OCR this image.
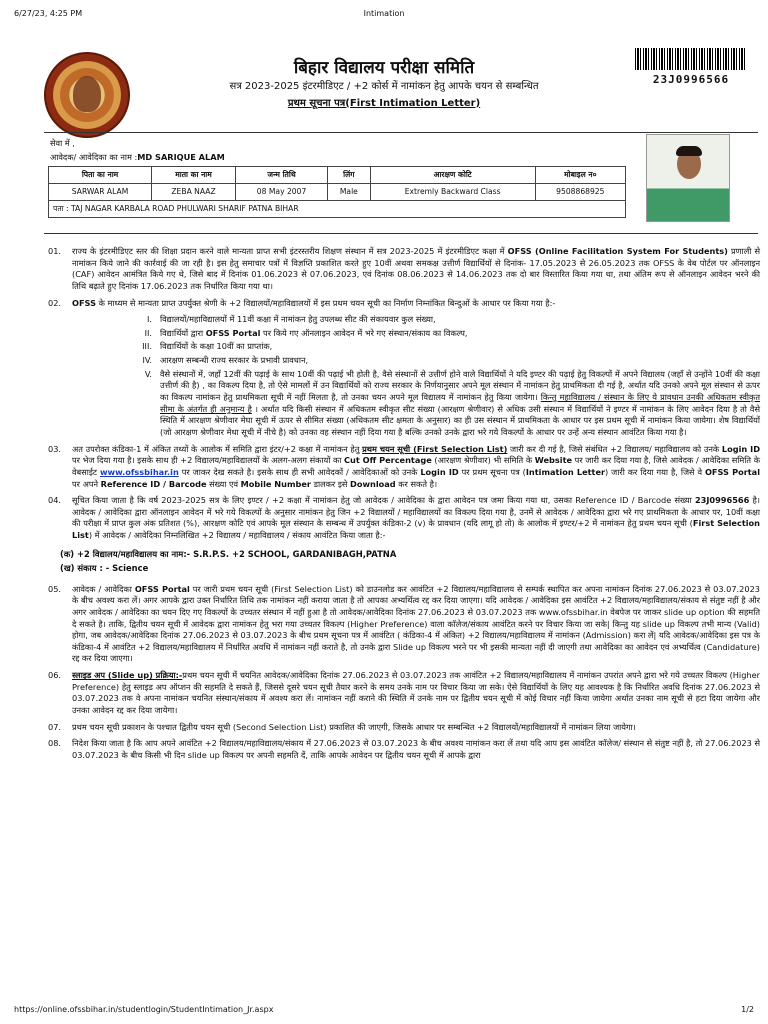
6/27/23, 4:25 PM	Intimation
बिहार विद्यालय परीक्षा समिति
सत्र 2023-2025 इंटरमीडिएट / +2 कोर्स में नामांकन हेतु आपके चयन से सम्बन्धित
प्रथम सूचना पत्र(First Intimation Letter)
23J0996566
सेवा में ,
आवेदक/ आवेदिका का नाम :MD SARIQUE ALAM
पिता का नाम	माता का नाम	जन्म तिथि	लिंग	आरक्षण कोटि	मोबाइल न०
SARWAR ALAM	ZEBA NAAZ	08 May 2007	Male	Extremly Backward Class	9508868925
पता : TAJ NAGAR KARBALA ROAD PHULWARI SHARIF PATNA BIHAR					
01. राज्य के इंटरमीडिएट स्तर की शिक्षा प्रदान करने वाले मान्यता प्राप्त सभी इंटरस्तरीय शिक्षण संस्थान में सत्र 2023-2025 में इंटरमीडिएट कक्षा में OFSS (Online Facilitation System For Students) प्रणाली से नामांकन किये जाने की कार्रवाई की जा रही है। इस हेतु समाचार पत्रों में विज्ञप्ति प्रकाशित करते हुए 10वीं अथवा समकक्ष उत्तीर्ण विद्यार्थियों से दिनांक- 17.05.2023 से 26.05.2023 तक OFSS के वेब पोर्टल पर ऑनलाइन (CAF) आवेदन आमंत्रित किये गए थे, जिसे बाद में दिनांक 01.06.2023 से 07.06.2023, एवं दिनांक 08.06.2023 से 14.06.2023 तक दो बार विस्तारित किया गया था, तथा अंतिम रूप से ऑनलाइन आवेदन भरने की तिथि बढ़ाते हुए दिनांक 17.06.2023 तक निर्धारित किया गया था।
02. OFSS के माध्यम से मान्यता प्राप्त उपर्युक्त श्रेणी के +2 विद्यालयों/महाविद्यालयों में इस प्रथम चयन सूची का निर्माण निम्नांकित बिन्दुओं के आधार पर किया गया है:-
I. विद्यालयों/महाविद्यालयों में 11वीं कक्षा में नामांकन हेतु उपलब्ध सीट की संकायवार कुल संख्या,
II. विद्यार्थियों द्वारा OFSS Portal पर किये गए ऑनलाइन आवेदन में भरे गए संस्थान/संकाय का विकल्प,
III. विद्यार्थियों के कक्षा 10वीं का प्राप्तांक,
IV. आरक्षण सम्बन्धी राज्य सरकार के प्रभावी प्रावधान,
V. वैसे संस्थानों में, जहाँ 12वीं की पढ़ाई के साथ 10वीं की पढ़ाई भी होती है, वैसे संस्थानों से उत्तीर्ण होने वाले विद्यार्थियों ने यदि इण्टर की पढ़ाई हेतु विकल्पों में अपने विद्यालय (जहाँ से उन्होंने 10वीं की कक्षा उत्तीर्ण की है) , का विकल्प दिया है, तो ऐसे मामलों में उन विद्यार्थियों को राज्य सरकार के निर्णयानुसार अपने मूल संस्थान में नामांकन हेतु प्राथमिकता दी गई है, अर्थात यदि उनको अपने मूल संस्थान से ऊपर का विकल्प नामांकन हेतु प्राथमिकता सूची में नहीं मिलता है, तो उनका चयन अपने मूल विद्यालय में नामांकन हेतु किया जायेगा। किन्तु महाविद्यालय / संस्थान के लिए ये प्रावधान उनकी अधिकतम स्वीकृत सीमा के अंतर्गत ही अनुमान्य है । अर्थात यदि किसी संस्थान में अधिकतम स्वीकृत सीट संख्या (आरक्षण श्रेणीवार) से अधिक उसी संस्थान में विद्यार्थियों ने इण्टर में नामांकन के लिए आवेदन दिया है तो वैसे स्थिति में आरक्षण श्रेणीवार मेघा सूची में ऊपर से सीमित संख्या (अधिकतम सीट क्षमता के अनुसार) का ही उस संस्थान में प्राथमिकता के आधार पर इस प्रथम सूची में नामांकन किया जायेगा। शेष विद्यार्थियों (जो आरक्षण श्रेणीवार मेधा सूची में नीचे है) को उनका वह संस्थान नहीं दिया गया है बल्कि उनको उनके द्वारा भरे गये विकल्पों के आधार पर उन्हें अन्य संस्थान आवंटित किया गया है।
03. अत उपरोक्त कंडिका-1 में अंकित तथ्यों के आलोक में समिति द्वारा इंटर/+2 कक्षा में नामांकन हेतु प्रथम चयन सूची (First Selection List) जारी कर दी गई है, जिसे संबंधित +2 विद्यालय/ महाविद्यालय को उनके Login ID पर भेज दिया गया है। इसके साथ ही +2 विद्यालय/महाविद्यालयों के अलग-अलग संकायों का Cut Off Percentage (आरक्षण श्रेणीवार) भी समिति के Website पर जारी कर दिया गया है, जिसे आवेदक / आवेदिका समिति के वेबसाईट www.ofssbihar.in पर जाकर देख सकते है। इसके साथ ही सभी आवेदकों / आवेदिकाओं को उनके Login ID पर प्रथम सूचना पत्र (Intimation Letter) जारी कर दिया गया है, जिसे वे OFSS Portal पर अपने Reference ID / Barcode संख्या एवं Mobile Number डालकर इसे Download कर सकते है।
04. सूचित किया जाता है कि वर्ष 2023-2025 सत्र के लिए इण्टर / +2 कक्षा में नामांकन हेतु जो आवेदक / आवेदिका के द्वारा आवेदन पत्र जमा किया गया था, उसका Reference ID / Barcode संख्या 23J0996566 है। आवेदक / आवेदिका द्वारा ऑनलाइन आवेदन में भरे गये विकल्पों के अनुसार नामांकन हेतु जिन +2 विद्यालयों / महाविद्यालयों का विकल्प दिया गया है, उनमें से आवेदक / आवेदिका द्वारा भरे गए प्राथमिकता के आधार पर, 10वीं कक्षा की परीक्षा में प्राप्त कुल अंक प्रतिशत (%), आरक्षण कोटि एवं आपके मूल संस्थान के सम्बन्ध में उपर्युक्त कंडिका-2 (v) के प्रावधान (यदि लागू हो तो) के आलोक में इण्टर/+2 में नामांकन हेतु प्रथम चयन सूची (First Selection List) में आवेदक / आवेदिका निम्नलिखित +2 विद्यालय / महाविद्यालय / संकाय आवंटित किया जाता है:-
(क) +2 विद्यालय/महाविद्यालय का नाम:- S.R.P.S. +2 SCHOOL, GARDANIBAGH,PATNA
(ख) संकाय : - Science
05. आवेदक / आवेदिका OFSS Portal पर जारी प्रथम चयन सूची (First Selection List) को डाउनलोड कर आवंटित +2 विद्यालय/महाविद्यालय से सम्पर्क स्थापित कर अपना नामांकन दिनांक 27.06.2023 से 03.07.2023 के बीच अवश्य करा लें। अगर आपके द्वारा उक्त निर्धारित तिथि तक नामांकन नहीं कराया जाता है तो आपका अभ्यर्थित्व रद्द कर दिया जाएगा। यदि आवेदक / आवेदिका इस आवंटित +2 विद्यालय/महाविद्यालय/संकाय से संतुष्ट नहीं है और अगर आवेदक / आवेदिका का चयन दिए गए विकल्पों के उच्चतर संस्थान में नहीं हुआ है तो आवेदक/आवेदिका दिनांक 27.06.2023 से 03.07.2023 तक www.ofssbihar.in वेबपेज पर जाकर slide up option की सहमति दे सकते है। ताकि, द्वितीय चयन सूची में आवेदक द्वारा नामांकन हेतु भरा गया उच्चतर विकल्प (Higher Preference) वाला कॉलेज/संकाय आवंटित करने पर विचार किया जा सके| किन्तु यह slide up विकल्प तभी मान्य (Valid) होगा, जब आवेदक/आवेदिका दिनांक 27.06.2023 से 03.07.2023 के बीच प्रथम सूचना पत्र में आवंटित ( कंडिका-4 में अंकित) +2 विद्यालय/महाविद्यालय में नामांकन (Admission) करा लें| यदि आवेदक/आवेदिका इस पत्र के कंडिका-4 में आवंटित +2 विद्यालय/महाविद्यालय में निर्धारित अवधि में नामांकन नहीं कराते है, तो उनके द्वारा Slide up विकल्प भरने पर भी इसकी मान्यता नहीं दी जाएगी तथा आवेदिका का आवेदन एवं अभ्यर्थित्व (Candidature) रद्द कर दिया जाएगा।
06. स्लाइड अप (Slide up) प्रक्रिया:-प्रथम चयन सूची में चयनित आवेदक/आवेदिका दिनांक 27.06.2023 से 03.07.2023 तक आवंटित +2 विद्यालय/महाविद्यालय में नामांकन उपरांत अपने द्वारा भरे गये उच्चतर विकल्प (Higher Preference) हेतु स्लाइड अप ऑप्शन की सहमति दे सकते हैं, जिससे दूसरे चयन सूची तैयार करने के समय उनके नाम पर विचार किया जा सके। ऐसे विद्यार्थियों के लिए यह आवश्यक है कि निर्धारित अवधि दिनांक 27.06.2023 से 03.07.2023 तक वे अपना नामांकन चयनित संस्थान/संकाय में अवश्य करा लें। नामांकन नहीं कराने की स्थिति में उनके नाम पर द्वितीय चयन सूची में कोई विचार नहीं किया जायेगा अर्थात उनका नाम सूची से हटा दिया जायेगा और उनका आवेदन रद्द कर दिया जायेगा।
07. प्रथम चयन सूची प्रकाशन के पश्चात द्वितीय चयन सूची (Second Selection List) प्रकाशित की जाएगी, जिसके आधार पर सम्बन्धित +2 विद्यालयों/महाविद्यालयों में नामांकन लिया जायेगा।
08. निदेश किया जाता है कि आप अपने आवंटित +2 विद्यालय/महाविद्यालय/संकाय में 27.06.2023 से 03.07.2023 के बीच अवश्य नामांकन करा लें तथा यदि आप इस आवंटित कॉलेज/ संस्थान से संतुष्ट नहीं है, तो 27.06.2023 से 03.07.2023 के बीच किसी भी दिन slide up विकल्प पर अपनी सहमति दें, ताकि आपके आवेदन पर द्वितीय चयन सूची में आपके द्वारा
https://online.ofssbihar.in/studentlogin/StudentIntimation_Jr.aspx	1/2
